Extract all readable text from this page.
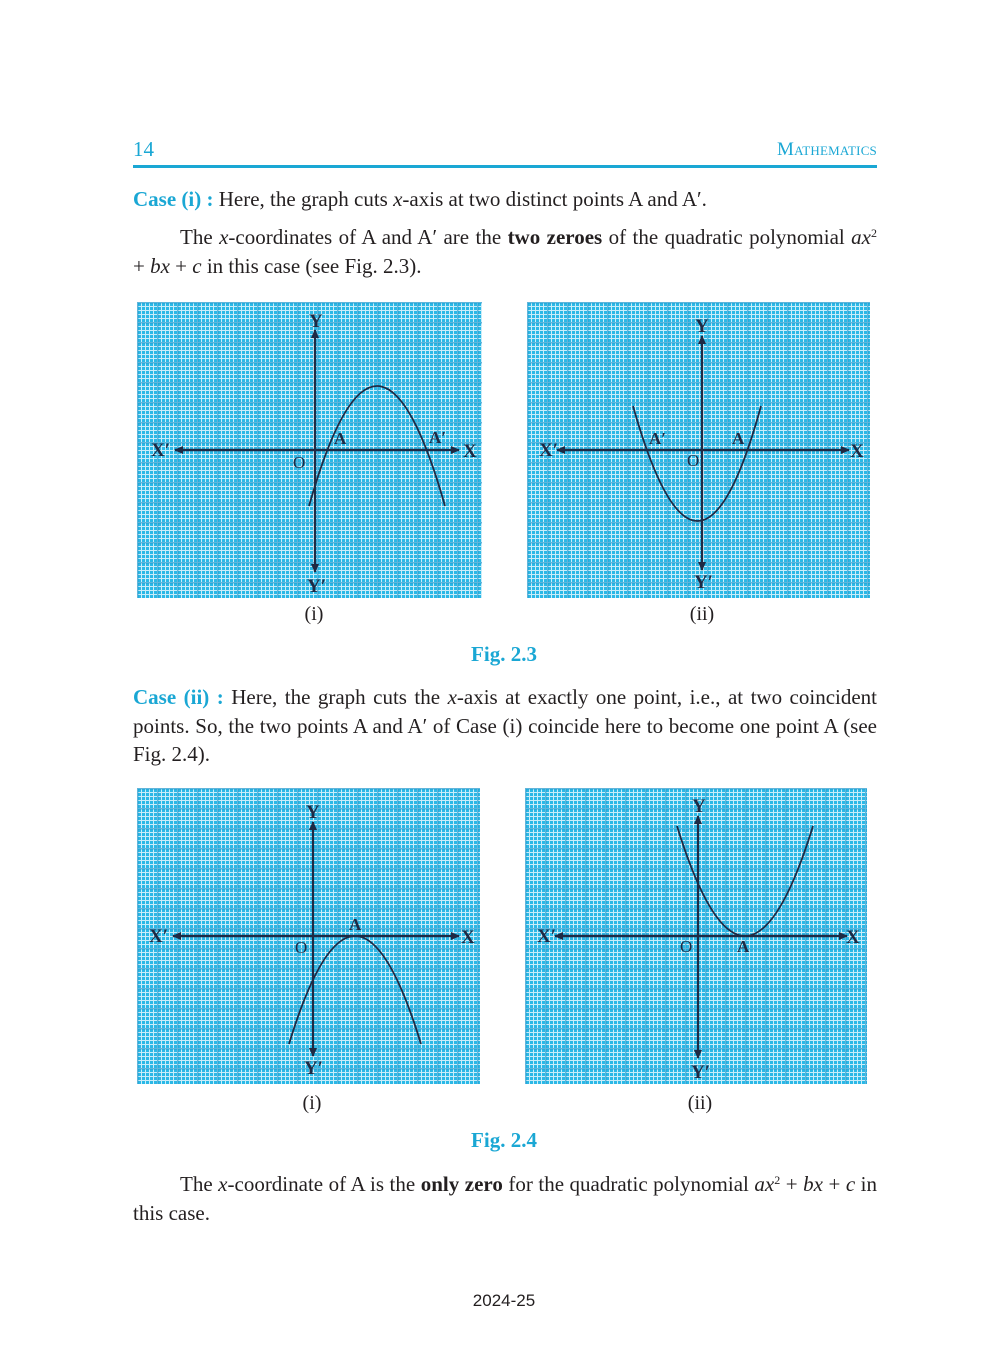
14	Mathematics
Case (i) : Here, the graph cuts x-axis at two distinct points A and A′.
The x-coordinates of A and A′ are the two zeroes of the quadratic polynomial $ax^2$ + bx + c in this case (see Fig. 2.3).
X′	X
Y
Y′
O
A	A′
(i)
X′	X
Y
Y′
O
A′	A
(ii)
Fig. 2.3
Case (ii) : Here, the graph cuts the x-axis at exactly one point, i.e., at two coincident points. So, the two points A and A′ of Case (i) coincide here to become one point A (see Fig. 2.4).
X′	X
Y
Y′
O
A
(i)
X′	X
Y
Y′
O	A
(ii)
Fig. 2.4
The x-coordinate of A is the only zero for the quadratic polynomial $ax^2$ + bx + c in this case.
2024-25
